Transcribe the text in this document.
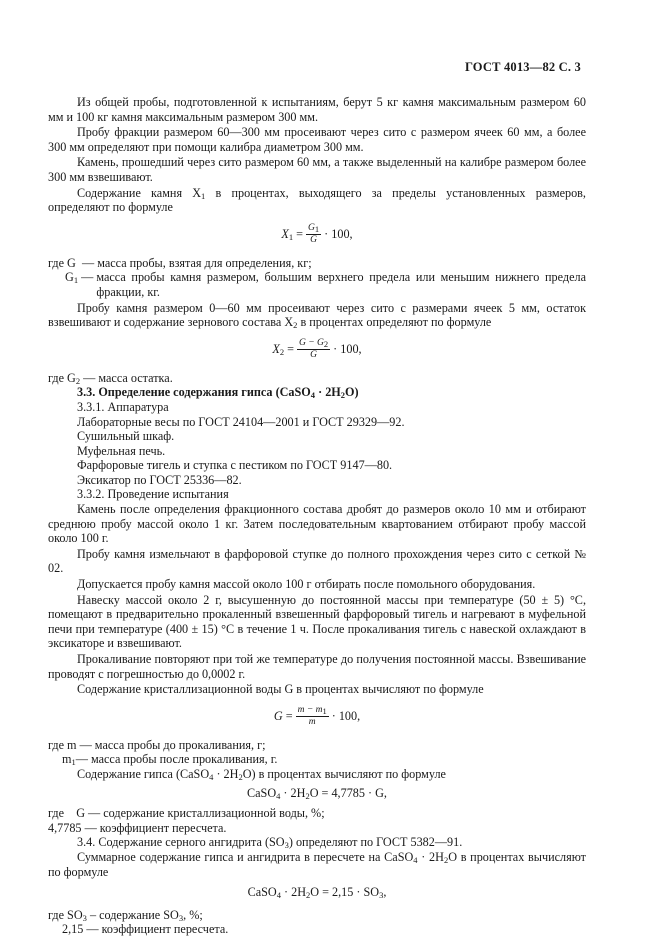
ГОСТ 4013—82 С. 3

Из общей пробы, подготовленной к испытаниям, берут 5 кг камня максимальным размером 60 мм и 100 кг камня максимальным размером 300 мм.

Пробу фракции размером 60—300 мм просеивают через сито с размером ячеек 60 мм, а более 300 мм определяют при помощи калибра диаметром 300 мм.

Камень, прошедший через сито размером 60 мм, а также выделенный на калибре размером более 300 мм взвешивают.

Содержание камня $X_1$ в процентах, выходящего за пределы установленных размеров, определяют по формуле

$X_1 = \frac{G_1}{G} \cdot 100$,
где G  — масса пробы, взятая для определения, кг;
$G_1$ — масса пробы камня размером, большим верхнего предела или меньшим нижнего предела фракции, кг.

Пробу камня размером 0—60 мм просеивают через сито с размерами ячеек 5 мм, остаток взвешивают и содержание зернового состава $X_2$ в процентах определяют по формуле

$X_2 = \frac{G - G_2}{G} \cdot 100$,

где $G_2$ — масса остатка.

3.3. Определение содержания гипса (CaSO$_4$ · $2H_2O$)

3.3.1. Аппаратура

Лабораторные весы по ГОСТ 24104—2001 и ГОСТ 29329—92.

Сушильный шкаф.

Муфельная печь.

Фарфоровые тигель и ступка с пестиком по ГОСТ 9147—80.

Эксикатор по ГОСТ 25336—82.

3.3.2. Проведение испытания

Камень после определения фракционного состава дробят до размеров около 10 мм и отбирают среднюю пробу массой около 1 кг. Затем последовательным квартованием отбирают пробу массой около 100 г.

Пробу камня измельчают в фарфоровой ступке до полного прохождения через сито с сеткой № 02.

Допускается пробу камня массой около 100 г отбирать после помольного оборудования.

Навеску массой около 2 г, высушенную до постоянной массы при температуре (50 ± 5) °С, помещают в предварительно прокаленный взвешенный фарфоровый тигель и нагревают в муфельной печи при температуре (400 ± 15) °С в течение 1 ч. После прокаливания тигель с навеской охлаждают в эксикаторе и взвешивают.

Прокаливание повторяют при той же температуре до получения постоянной массы. Взвешивание проводят с погрешностью до 0,0002 г.

Содержание кристаллизационной воды G в процентах вычисляют по формуле

$G = \frac{m - m_1}{m} \cdot 100$,

где m — масса пробы до прокаливания, г;

$m_1—$ масса пробы после прокаливания, г.

Содержание гипса (CaSO$_4$ · $2H_2O$) в процентах вычисляют по формуле

CaSO$_4$ · $2H_2O = 4,7785 \cdot G$,

где    G — содержание кристаллизационной воды, %;

4,7785 — коэффициент пересчета.

3.4. Содержание серного ангидрита $(SO_3)$ определяют по ГОСТ 5382—91.

Суммарное содержание гипса и ангидрита в пересчете на CaSO$_4$ · $2H_2O$ в процентах вычисляют по формуле

CaSO$_4$ · $2H_2O = 2,15 \cdot SO_3$,

где $SO_3$ – содержание $SO_3$, %;

2,15 — коэффициент пересчета.
